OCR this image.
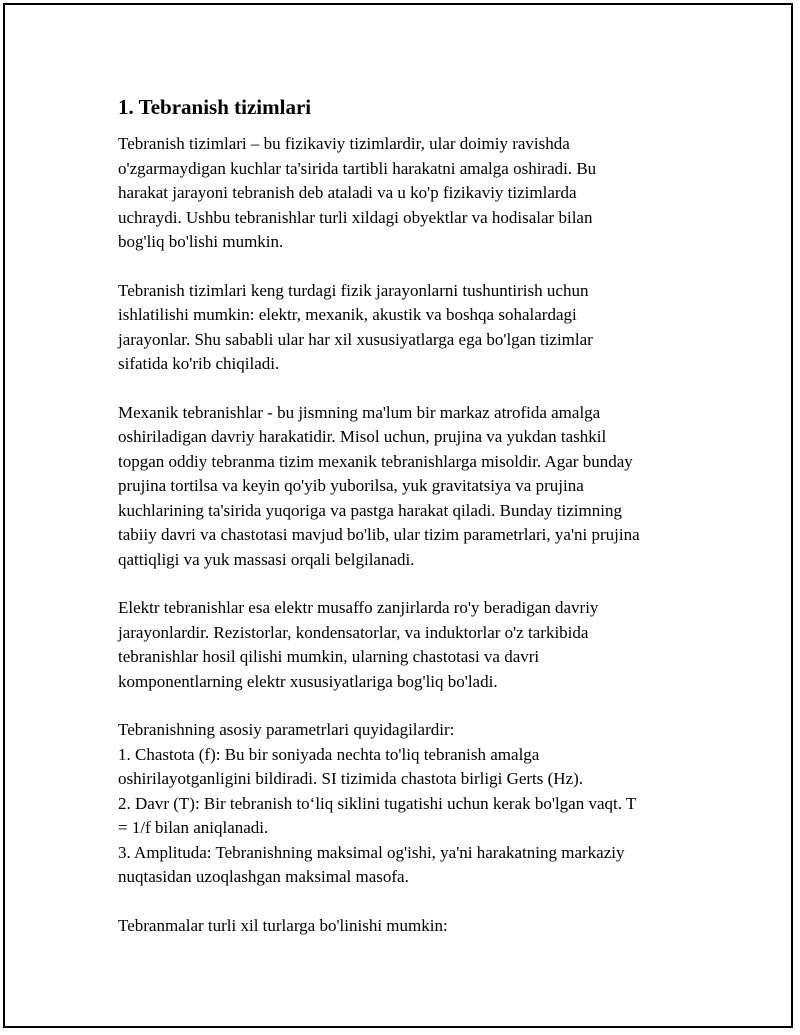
1. Tebranish tizimlari
Tebranish tizimlari – bu fizikaviy tizimlardir, ular doimiy ravishda
o'zgarmaydigan kuchlar ta'sirida tartibli harakatni amalga oshiradi. Bu
harakat jarayoni tebranish deb ataladi va u ko'p fizikaviy tizimlarda
uchraydi. Ushbu tebranishlar turli xildagi obyektlar va hodisalar bilan
bog'liq bo'lishi mumkin.
Tebranish tizimlari keng turdagi fizik jarayonlarni tushuntirish uchun
ishlatilishi mumkin: elektr, mexanik, akustik va boshqa sohalardagi
jarayonlar. Shu sababli ular har xil xususiyatlarga ega bo'lgan tizimlar
sifatida ko'rib chiqiladi.
Mexanik tebranishlar - bu jismning ma'lum bir markaz atrofida amalga
oshiriladigan davriy harakatidir. Misol uchun, prujina va yukdan tashkil
topgan oddiy tebranma tizim mexanik tebranishlarga misoldir. Agar bunday
prujina tortilsa va keyin qo'yib yuborilsa, yuk gravitatsiya va prujina
kuchlarining ta'sirida yuqoriga va pastga harakat qiladi. Bunday tizimning
tabiiy davri va chastotasi mavjud bo'lib, ular tizim parametrlari, ya'ni prujina
qattiqligi va yuk massasi orqali belgilanadi.
Elektr tebranishlar esa elektr musaffo zanjirlarda ro'y beradigan davriy
jarayonlardir. Rezistorlar, kondensatorlar, va induktorlar o'z tarkibida
tebranishlar hosil qilishi mumkin, ularning chastotasi va davri
komponentlarning elektr xususiyatlariga bog'liq bo'ladi.
Tebranishning asosiy parametrlari quyidagilardir:
1. Chastota (f): Bu bir soniyada nechta to'liq tebranish amalga
oshirilayotganligini bildiradi. SI tizimida chastota birligi Gerts (Hz).
2. Davr (T): Bir tebranish to‘liq siklini tugatishi uchun kerak bo'lgan vaqt. T
= 1/f bilan aniqlanadi.
3. Amplituda: Tebranishning maksimal og'ishi, ya'ni harakatning markaziy
nuqtasidan uzoqlashgan maksimal masofa.
Tebranmalar turli xil turlarga bo'linishi mumkin:
